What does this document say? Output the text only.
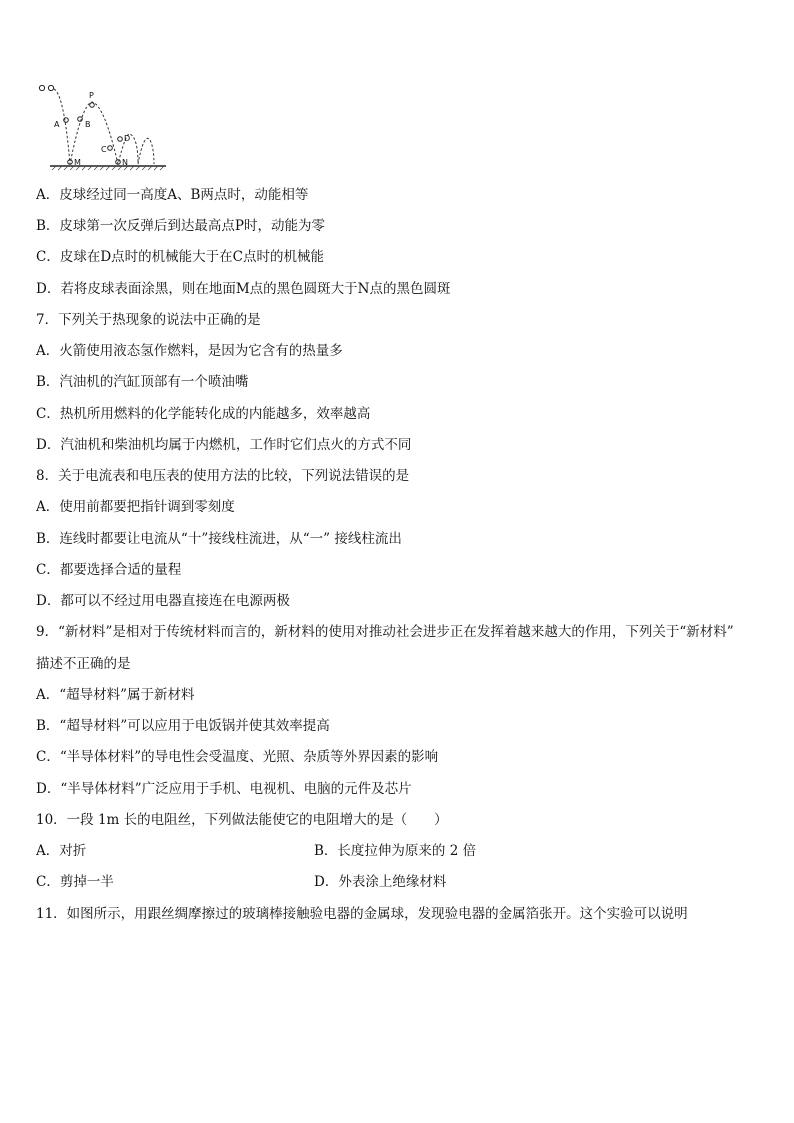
P
A	B
C
D
M	N
A．皮球经过同一高度A、B两点时，动能相等
B．皮球第一次反弹后到达最高点P时，动能为零
C．皮球在D点时的机械能大于在C点时的机械能
D．若将皮球表面涂黑，则在地面M点的黑色圆斑大于N点的黑色圆斑
7．下列关于热现象的说法中正确的是
A．火箭使用液态氢作燃料，是因为它含有的热量多
B．汽油机的汽缸顶部有一个喷油嘴
C．热机所用燃料的化学能转化成的内能越多，效率越高
D．汽油机和柴油机均属于内燃机，工作时它们点火的方式不同
8．关于电流表和电压表的使用方法的比较，下列说法错误的是
A．使用前都要把指针调到零刻度
B．连线时都要让电流从“十”接线柱流进，从“一” 接线柱流出
C．都要选择合适的量程
D．都可以不经过用电器直接连在电源两极
9．“新材料”是相对于传统材料而言的，新材料的使用对推动社会进步正在发挥着越来越大的作用，下列关于“新材料”
描述不正确的是
A．“超导材料”属于新材料
B．“超导材料”可以应用于电饭锅并使其效率提高
C．“半导体材料”的导电性会受温度、光照、杂质等外界因素的影响
D．“半导体材料”广泛应用于手机、电视机、电脑的元件及芯片
10．一段 1m 长的电阻丝，下列做法能使它的电阻增大的是（　　）
A．对折	B．长度拉伸为原来的 2 倍
C．剪掉一半	D．外表涂上绝缘材料
11．如图所示，用跟丝绸摩擦过的玻璃棒接触验电器的金属球，发现验电器的金属箔张开。这个实验可以说明
